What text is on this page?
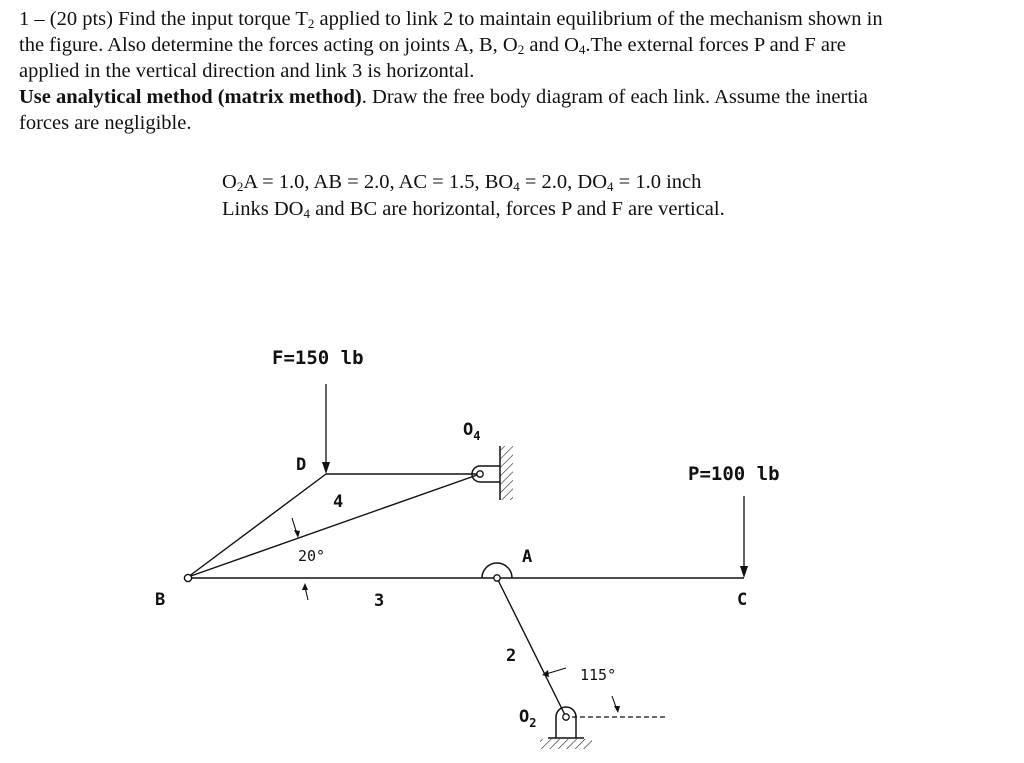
1 – (20 pts) Find the input torque $T_2$ applied to link 2 to maintain equilibrium of the mechanism shown in

the figure. Also determine the forces acting on joints A, B, $O_2$ and $O_4.The$ external forces P and F are

applied in the vertical direction and link 3 is horizontal.

Use analytical method (matrix method). Draw the free body diagram of each link. Assume the inertia

forces are negligible.

$O_2A = 1.0$, AB = 2.0, AC = 1.5, $BO_4 = 2.0$, $DO_4 = 1.0$ inch

Links $DO_4$ and BC are horizontal, forces P and F are vertical.

F=150 lb
P=100 lb
$O_4$
D
4
20°	A
B	3	C
2
115°
$O_2$
